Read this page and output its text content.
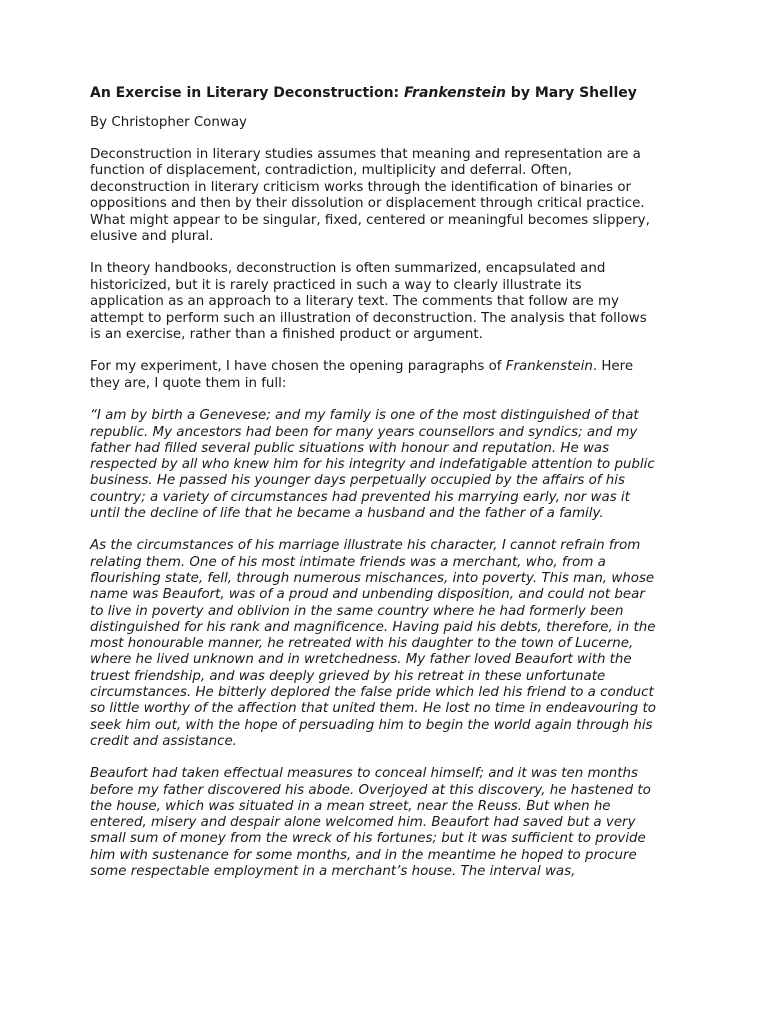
An Exercise in Literary Deconstruction: Frankenstein by Mary Shelley
By Christopher Conway
Deconstruction in literary studies assumes that meaning and representation are a
function of displacement, contradiction, multiplicity and deferral. Often,
deconstruction in literary criticism works through the identification of binaries or
oppositions and then by their dissolution or displacement through critical practice.
What might appear to be singular, fixed, centered or meaningful becomes slippery,
elusive and plural.
In theory handbooks, deconstruction is often summarized, encapsulated and
historicized, but it is rarely practiced in such a way to clearly illustrate its
application as an approach to a literary text. The comments that follow are my
attempt to perform such an illustration of deconstruction. The analysis that follows
is an exercise, rather than a finished product or argument.
For my experiment, I have chosen the opening paragraphs of Frankenstein. Here
they are, I quote them in full:
“I am by birth a Genevese; and my family is one of the most distinguished of that
republic. My ancestors had been for many years counsellors and syndics; and my
father had filled several public situations with honour and reputation. He was
respected by all who knew him for his integrity and indefatigable attention to public
business. He passed his younger days perpetually occupied by the affairs of his
country; a variety of circumstances had prevented his marrying early, nor was it
until the decline of life that he became a husband and the father of a family.
As the circumstances of his marriage illustrate his character, I cannot refrain from
relating them. One of his most intimate friends was a merchant, who, from a
flourishing state, fell, through numerous mischances, into poverty. This man, whose
name was Beaufort, was of a proud and unbending disposition, and could not bear
to live in poverty and oblivion in the same country where he had formerly been
distinguished for his rank and magnificence. Having paid his debts, therefore, in the
most honourable manner, he retreated with his daughter to the town of Lucerne,
where he lived unknown and in wretchedness. My father loved Beaufort with the
truest friendship, and was deeply grieved by his retreat in these unfortunate
circumstances. He bitterly deplored the false pride which led his friend to a conduct
so little worthy of the affection that united them. He lost no time in endeavouring to
seek him out, with the hope of persuading him to begin the world again through his
credit and assistance.
Beaufort had taken effectual measures to conceal himself; and it was ten months
before my father discovered his abode. Overjoyed at this discovery, he hastened to
the house, which was situated in a mean street, near the Reuss. But when he
entered, misery and despair alone welcomed him. Beaufort had saved but a very
small sum of money from the wreck of his fortunes; but it was sufficient to provide
him with sustenance for some months, and in the meantime he hoped to procure
some respectable employment in a merchant’s house. The interval was,
